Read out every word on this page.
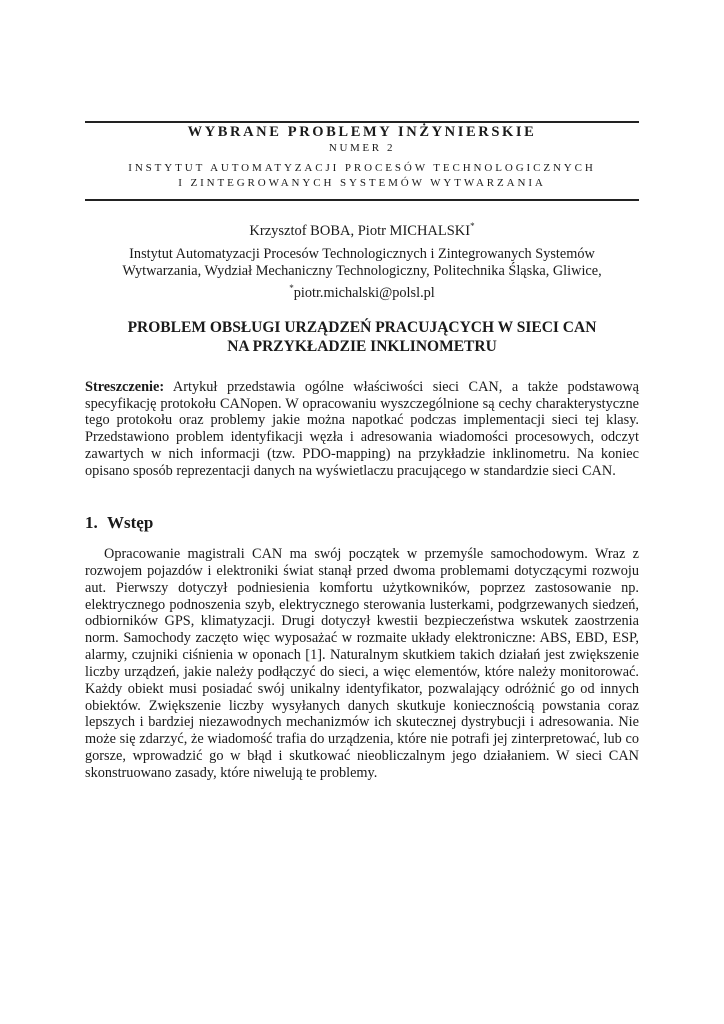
WYBRANE PROBLEMY INŻYNIERSKIE
NUMER 2
INSTYTUT AUTOMATYZACJI PROCESÓW TECHNOLOGICZNYCH
I ZINTEGROWANYCH SYSTEMÓW WYTWARZANIA
Krzysztof BOBA, Piotr MICHALSKI*
Instytut Automatyzacji Procesów Technologicznych i Zintegrowanych Systemów
Wytwarzania, Wydział Mechaniczny Technologiczny, Politechnika Śląska, Gliwice,
*piotr.michalski@polsl.pl
PROBLEM OBSŁUGI URZĄDZEŃ PRACUJĄCYCH W SIECI CAN
NA PRZYKŁADZIE INKLINOMETRU
Streszczenie: Artykuł przedstawia ogólne właściwości sieci CAN, a także podstawową specyfikację protokołu CANopen. W opracowaniu wyszczególnione są cechy charakterystyczne tego protokołu oraz problemy jakie można napotkać podczas implementacji sieci tej klasy. Przedstawiono problem identyfikacji węzła i adresowania wiadomości procesowych, odczyt zawartych w nich informacji (tzw. PDO-mapping) na przykładzie inklinometru. Na koniec opisano sposób reprezentacji danych na wyświetlaczu pracującego w standardzie sieci CAN.
1. Wstęp
Opracowanie magistrali CAN ma swój początek w przemyśle samochodowym. Wraz z rozwojem pojazdów i elektroniki świat stanął przed dwoma problemami dotyczącymi rozwoju aut. Pierwszy dotyczył podniesienia komfortu użytkowników, poprzez zastosowanie np. elektrycznego podnoszenia szyb, elektrycznego sterowania lusterkami, podgrzewanych siedzeń, odbiorników GPS, klimatyzacji. Drugi dotyczył kwestii bezpieczeństwa wskutek zaostrzenia norm. Samochody zaczęto więc wyposażać w rozmaite układy elektroniczne: ABS, EBD, ESP, alarmy, czujniki ciśnienia w oponach [1]. Naturalnym skutkiem takich działań jest zwiększenie liczby urządzeń, jakie należy podłączyć do sieci, a więc elementów, które należy monitorować. Każdy obiekt musi posiadać swój unikalny identyfikator, pozwalający odróżnić go od innych obiektów. Zwiększenie liczby wysyłanych danych skutkuje koniecznością powstania coraz lepszych i bardziej niezawodnych mechanizmów ich skutecznej dystrybucji i adresowania. Nie może się zdarzyć, że wiadomość trafia do urządzenia, które nie potrafi jej zinterpretować, lub co gorsze, wprowadzić go w błąd i skutkować nieobliczalnym jego działaniem. W sieci CAN skonstruowano zasady, które niwelują te problemy.
